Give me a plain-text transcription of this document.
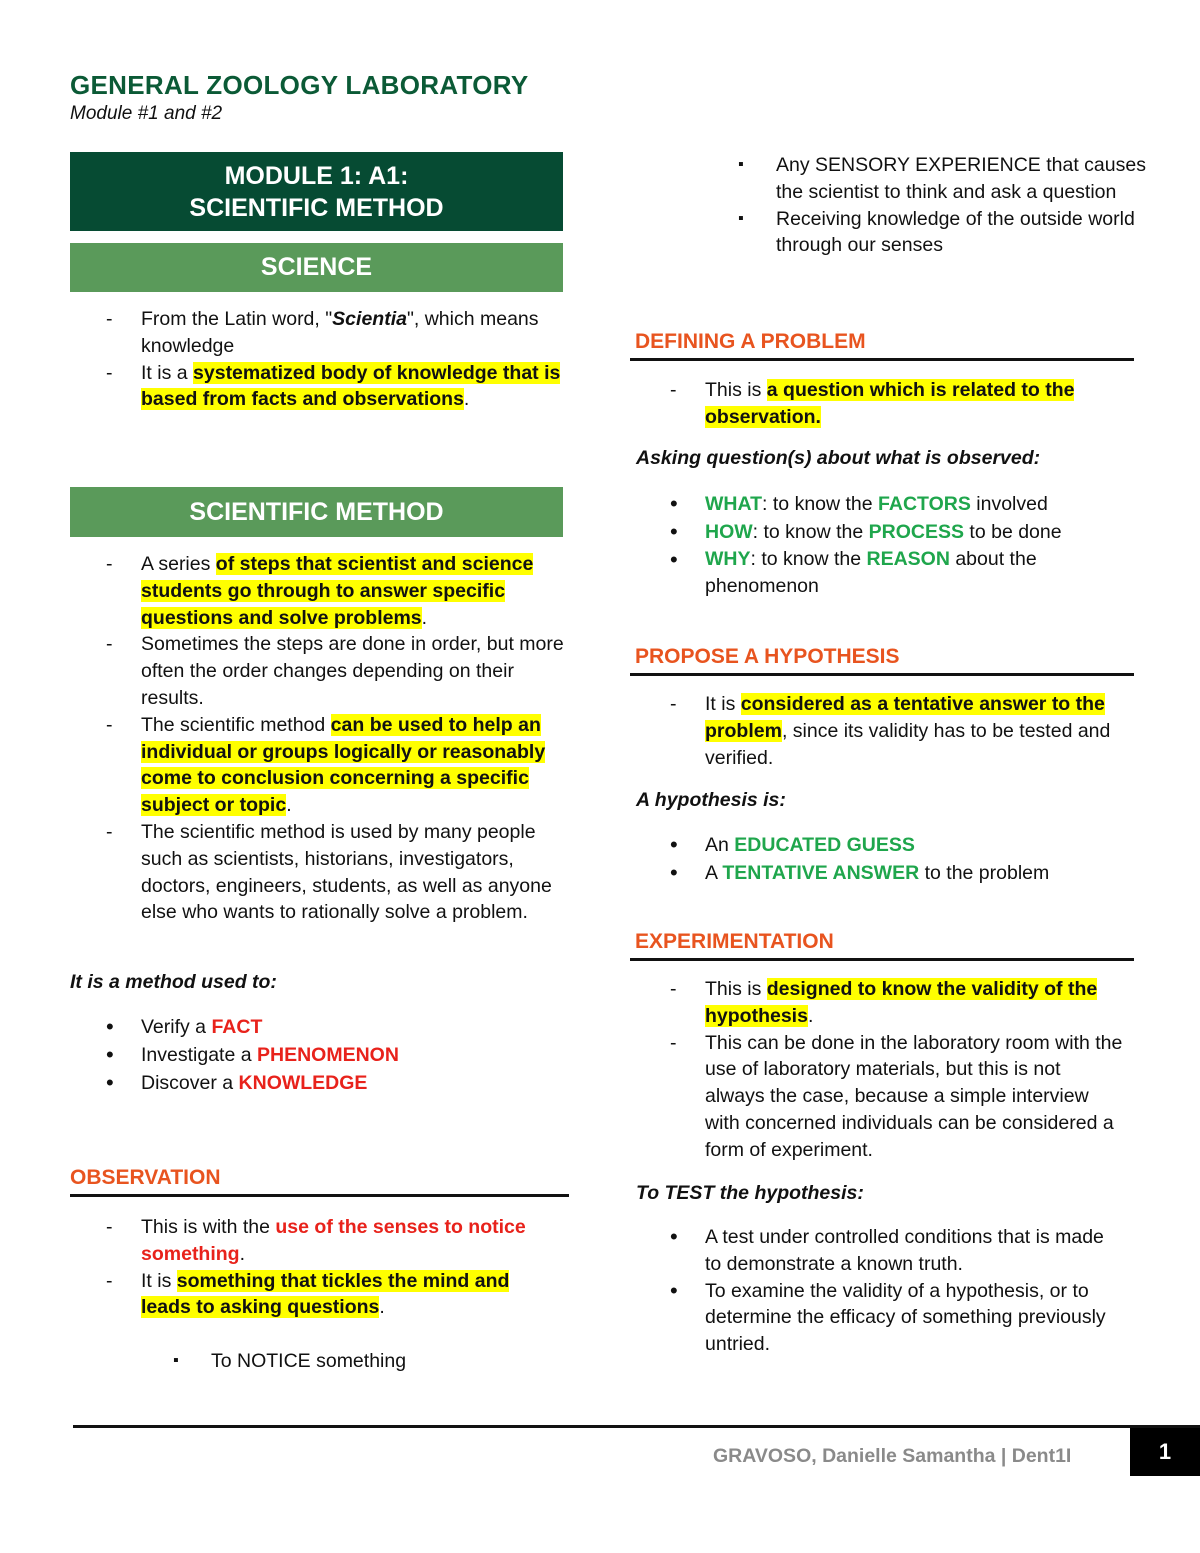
GENERAL ZOOLOGY LABORATORY
Module #1 and #2
MODULE 1: A1:
SCIENTIFIC METHOD
SCIENCE
- From the Latin word, "Scientia", which means knowledge
- It is a systematized body of knowledge that is based from facts and observations.
SCIENTIFIC METHOD
- A series of steps that scientist and science students go through to answer specific questions and solve problems.
- Sometimes the steps are done in order, but more often the order changes depending on their results.
- The scientific method can be used to help an individual or groups logically or reasonably come to conclusion concerning a specific subject or topic.
- The scientific method is used by many people such as scientists, historians, investigators, doctors, engineers, students, as well as anyone else who wants to rationally solve a problem.
It is a method used to:
• Verify a FACT
• Investigate a PHENOMENON
• Discover a KNOWLEDGE
OBSERVATION
- This is with the use of the senses to notice something.
- It is something that tickles the mind and leads to asking questions.
▪ To NOTICE something
▪ Any SENSORY EXPERIENCE that causes the scientist to think and ask a question
▪ Receiving knowledge of the outside world through our senses
DEFINING A PROBLEM
- This is a question which is related to the observation.
Asking question(s) about what is observed:
• WHAT: to know the FACTORS involved
• HOW: to know the PROCESS to be done
• WHY: to know the REASON about the phenomenon
PROPOSE A HYPOTHESIS
- It is considered as a tentative answer to the problem, since its validity has to be tested and verified.
A hypothesis is:
• An EDUCATED GUESS
• A TENTATIVE ANSWER to the problem
EXPERIMENTATION
- This is designed to know the validity of the hypothesis.
- This can be done in the laboratory room with the use of laboratory materials, but this is not always the case, because a simple interview with concerned individuals can be considered a form of experiment.
To TEST the hypothesis:
• A test under controlled conditions that is made to demonstrate a known truth.
• To examine the validity of a hypothesis, or to determine the efficacy of something previously untried.
GRAVOSO, Danielle Samantha | Dent1I	1
